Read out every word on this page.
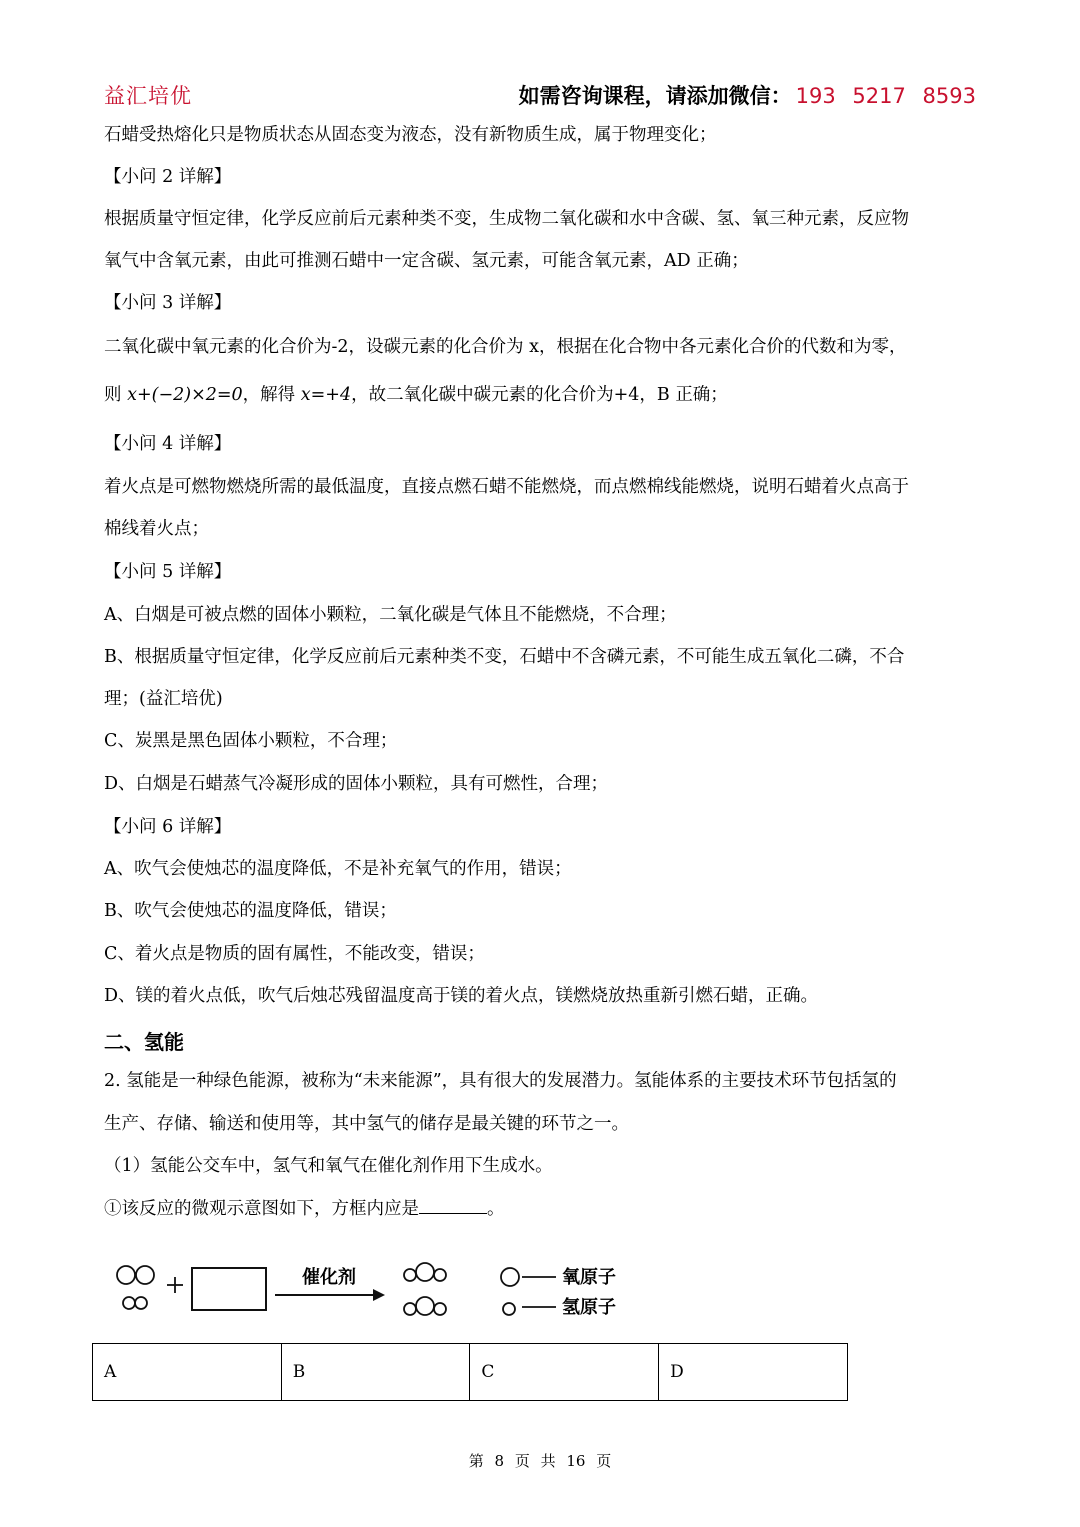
益汇培优	如需咨询课程，请添加微信： 193 5217 8593
石蜡受热熔化只是物质状态从固态变为液态，没有新物质生成，属于物理变化；
【小问 2 详解】
根据质量守恒定律，化学反应前后元素种类不变，生成物二氧化碳和水中含碳、氢、氧三种元素，反应物
氧气中含氧元素，由此可推测石蜡中一定含碳、氢元素，可能含氧元素，AD 正确；
【小问 3 详解】
二氧化碳中氧元素的化合价为-2，设碳元素的化合价为 x，根据在化合物中各元素化合价的代数和为零，
则 x+(−2)×2=0，解得 x=+4，故二氧化碳中碳元素的化合价为+4，B 正确；
【小问 4 详解】
着火点是可燃物燃烧所需的最低温度，直接点燃石蜡不能燃烧，而点燃棉线能燃烧，说明石蜡着火点高于
棉线着火点；
【小问 5 详解】
A、白烟是可被点燃的固体小颗粒，二氧化碳是气体且不能燃烧，不合理；
B、根据质量守恒定律，化学反应前后元素种类不变，石蜡中不含磷元素，不可能生成五氧化二磷，不合
理；(益汇培优)
C、炭黑是黑色固体小颗粒，不合理；
D、白烟是石蜡蒸气冷凝形成的固体小颗粒，具有可燃性，合理；
【小问 6 详解】
A、吹气会使烛芯的温度降低，不是补充氧气的作用，错误；
B、吹气会使烛芯的温度降低，错误；
C、着火点是物质的固有属性，不能改变，错误；
D、镁的着火点低，吹气后烛芯残留温度高于镁的着火点，镁燃烧放热重新引燃石蜡，正确。
二、氢能
2. 氢能是一种绿色能源，被称为“未来能源”，具有很大的发展潜力。氢能体系的主要技术环节包括氢的
生产、存储、输送和使用等，其中氢气的储存是最关键的环节之一。
（1）氢能公交车中，氢气和氧气在催化剂作用下生成水。
①该反应的微观示意图如下，方框内应是	。
催化剂	氧原子
氢原子
A	B	C	D
第 8 页 共 16 页
